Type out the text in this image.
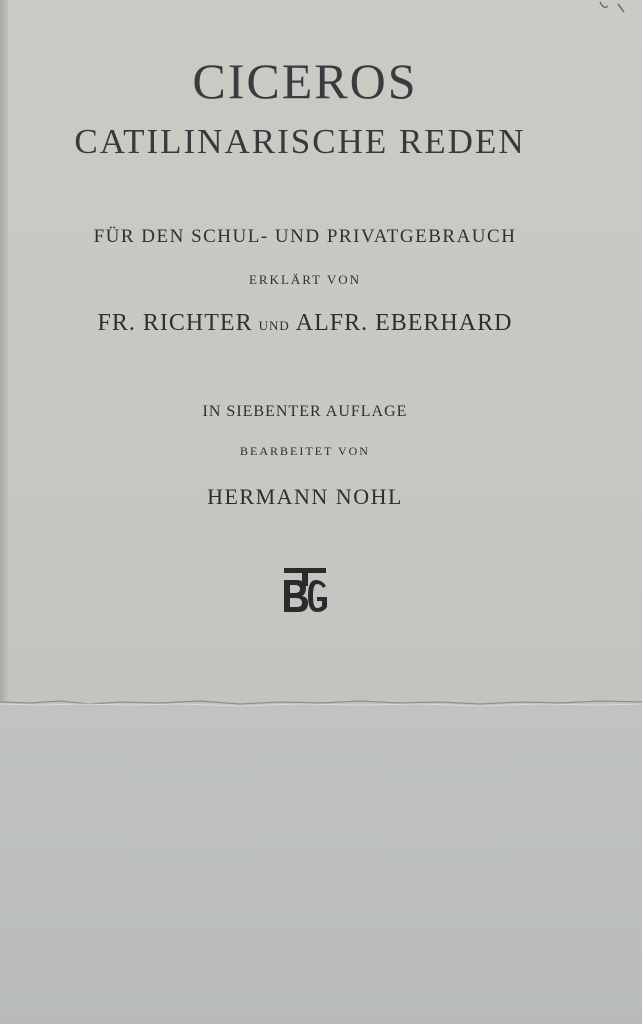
CICEROS
CATILINARISCHE REDEN
FÜR DEN SCHUL- UND PRIVATGEBRAUCH
ERKLÄRT VON
FR. RICHTER UND ALFR. EBERHARD
IN SIEBENTER AUFLAGE
BEARBEITET VON
HERMANN NOHL
